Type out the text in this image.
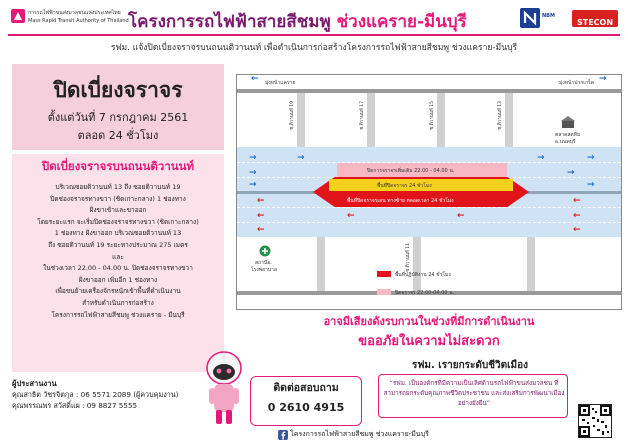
การรถไฟฟ้าขนส่งมวลชนแห่งประเทศไทย
Mass Rapid Transit Authority of Thailand โครงการรถไฟฟ้าสายสีชมพู ช่วงแคราย-มีนบุรี	NBM
STECON
รฟม. แจ้งปิดเบี่ยงจราจรบนถนนติวานนท์ เพื่อดำเนินการก่อสร้างโครงการรถไฟฟ้าสายสีชมพู ช่วงแคราย-มีนบุรี
ปิดเบี่ยงจราจร
ตั้งแต่วันที่ 7 กรกฎาคม 2561
ตลอด 24 ชั่วโมง
ปิดเบี่ยงจราจรบนถนนติวานนท์
บริเวณซอยติวานนท์ 13 ถึง ซอยติวานนท์ 19
ปิดช่องจราจรทางขวา (ชิดเกาะกลาง) 1 ช่องทาง
ฝั่งขาเข้าและขาออก
โดยระยะแรก จะเริ่มปิดช่องจราจรทางขวา (ชิดเกาะกลาง)
1 ช่องทาง ฝั่งขาออก บริเวณซอยติวานนท์ 13
ถึง ซอยติวานนท์ 19 ระยะทางประมาณ 275 เมตร
และ
ในช่วงเวลา 22.00 - 04.00 น. ปิดช่องจราจรทางขวา
ฝั่งขาออก เพิ่มอีก 1 ช่องทาง
เพื่อขนย้ายเครื่องจักรหนักเข้าพื้นที่ดำเนินงาน
สำหรับดำเนินการก่อสร้าง
โครงการรถไฟฟ้าสายสีชมพู ช่วงแคราย - มีนบุรี
ผู้ประสานงาน
คุณสาธิต วัชรจิตกุล : 06 5571 2089 (ผู้ควบคุมงาน)
คุณพรรณพร สวัสดิ์แผ : 09 8827 5555
มุ่งหน้าแคราย	มุ่งหน้าปากเกร็ด
←	→
ซ.ติวานนท์ 19	ซ.ติวานนท์ 17	ซ.ติวานนท์ 15	ซ.ติวานนท์ 13
ซ.ติวานนท์ 11
ตลาดสดทีม
อ.นนทบุรี
ปิดการจราจรเพิ่มเติม 22.00 - 04.00 น.
พื้นที่ปิดจราจร 24 ชั่วโมง
พื้นที่ปิดจราจรเลน ทางซ้าย ตลอดเวลา 24 ชั่วโมง
→	→	→	→
→	→
→	→
←	←
←	←	←	←
←	←
สถานีอ.
โรงพยาบาล
พื้นที่ปฏิบัติงาน 24 ชั่วโมง
ปิดจราจร 22.00-04.00 น.
อาจมีเสียงดังรบกวนในช่วงที่มีการดำเนินงาน
ขออภัยในความไม่สะดวก
ติดต่อสอบถาม
0 2610 4915
รฟม. เรายกระดับชีวิตเมือง
“รฟม. เป็นองค์กรที่มีความเป็นเลิศด้านรถไฟฟ้าขนส่งมวลชน ที่สามารถยกระดับคุณภาพชีวิตประชาชน และส่งเสริมการพัฒนาเมืองอย่างยั่งยืน”
โครงการรถไฟฟ้าสายสีชมพู ช่วงแคราย-มีนบุรี
